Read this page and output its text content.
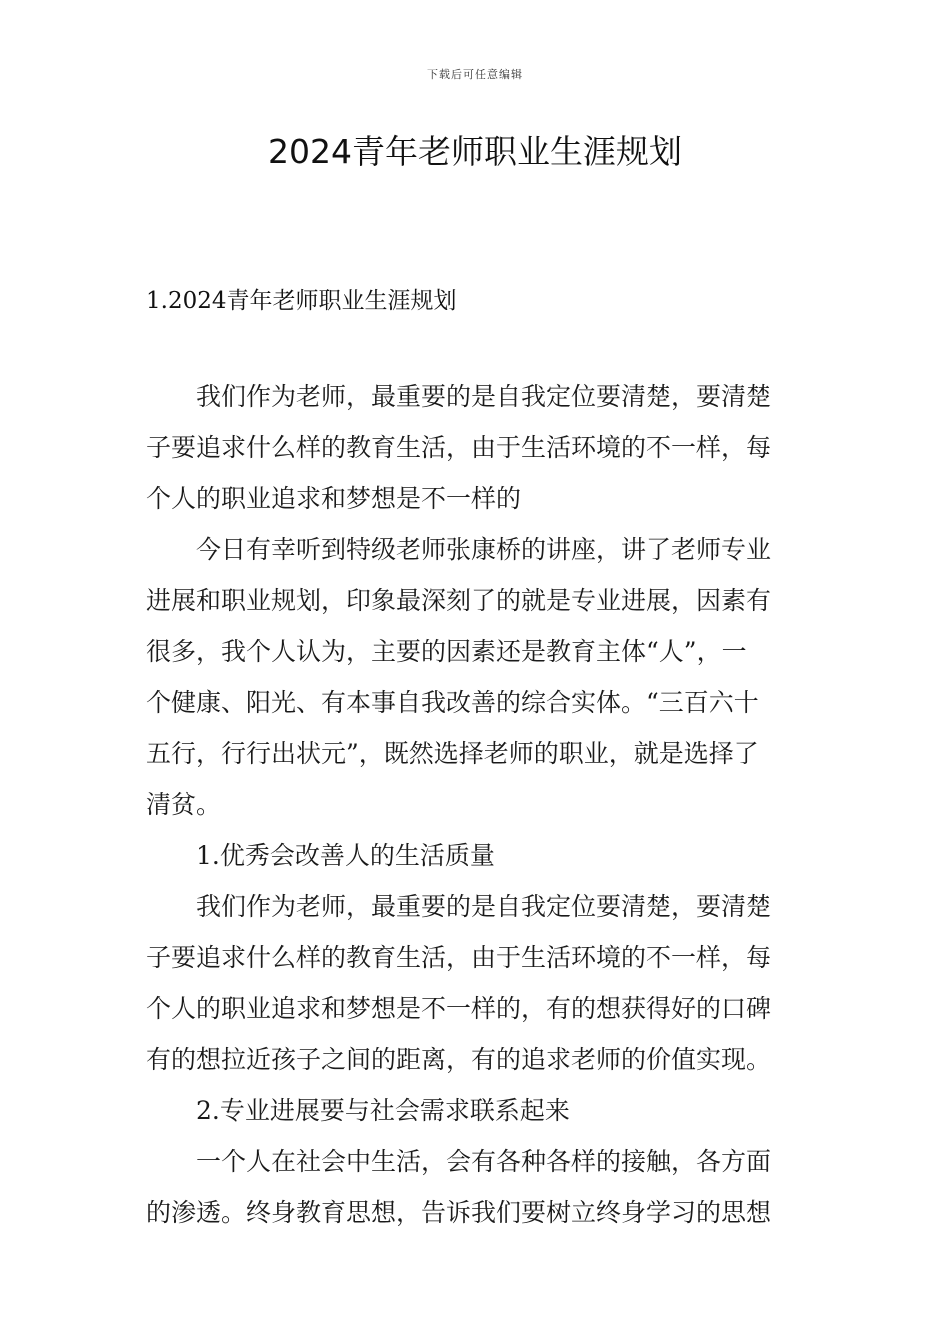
下载后可任意编辑
2024青年老师职业生涯规划
1.2024青年老师职业生涯规划
我们作为老师，最重要的是自我定位要清楚，要清楚
子要追求什么样的教育生活，由于生活环境的不一样，每
个人的职业追求和梦想是不一样的
今日有幸听到特级老师张康桥的讲座，讲了老师专业
进展和职业规划，印象最深刻了的就是专业进展，因素有
很多，我个人认为，主要的因素还是教育主体“人”，一
个健康、阳光、有本事自我改善的综合实体。“三百六十
五行，行行出状元”，既然选择老师的职业，就是选择了
清贫。
1.优秀会改善人的生活质量
我们作为老师，最重要的是自我定位要清楚，要清楚
子要追求什么样的教育生活，由于生活环境的不一样，每
个人的职业追求和梦想是不一样的，有的想获得好的口碑
有的想拉近孩子之间的距离，有的追求老师的价值实现。
2.专业进展要与社会需求联系起来
一个人在社会中生活，会有各种各样的接触，各方面
的渗透。终身教育思想，告诉我们要树立终身学习的思想
